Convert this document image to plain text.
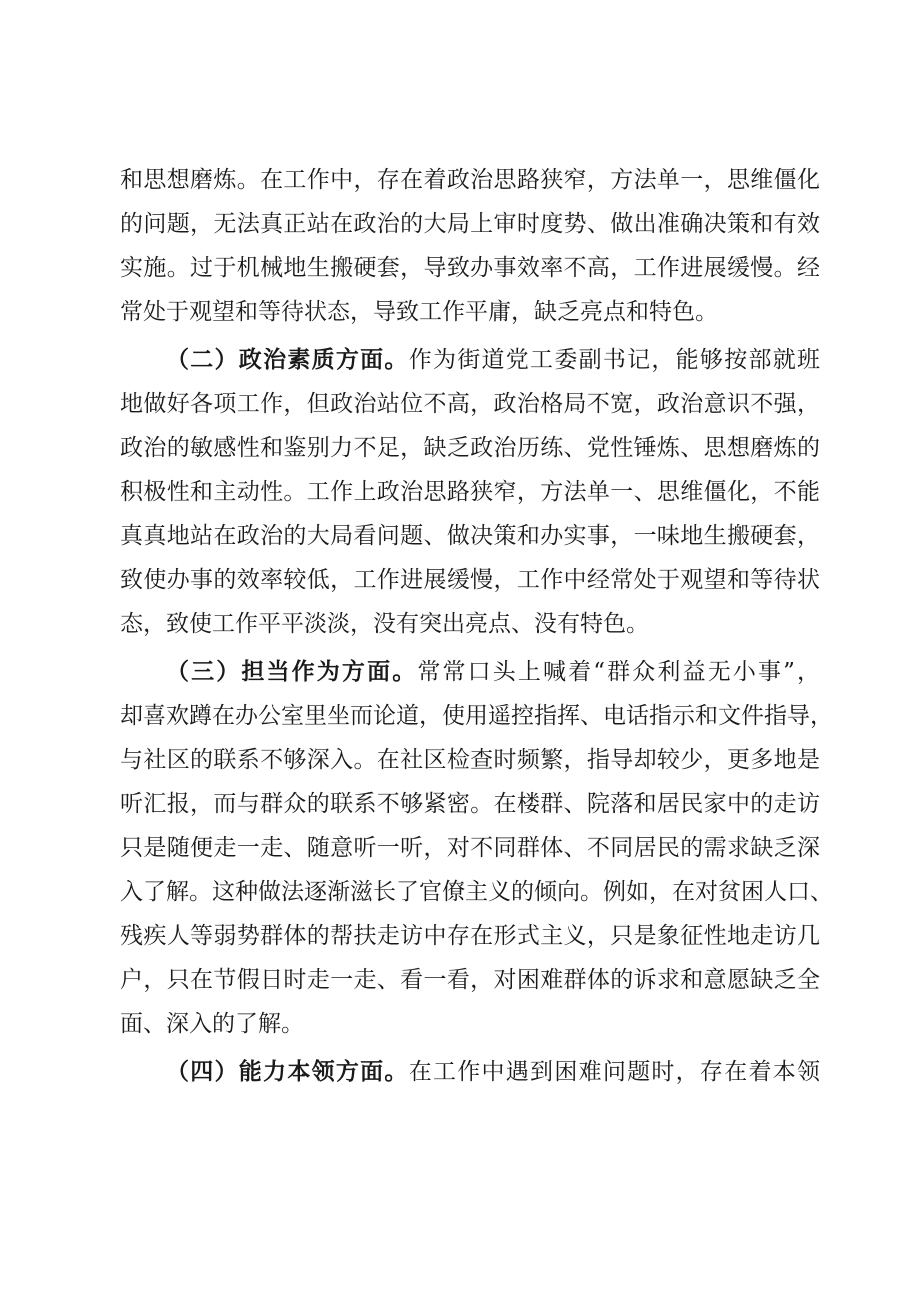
和思想磨炼。在工作中，存在着政治思路狭窄，方法单一，思维僵化
的问题，无法真正站在政治的大局上审时度势、做出准确决策和有效
实施。过于机械地生搬硬套，导致办事效率不高，工作进展缓慢。经
常处于观望和等待状态，导致工作平庸，缺乏亮点和特色。
（二）政治素质方面。作为街道党工委副书记，能够按部就班
地做好各项工作，但政治站位不高，政治格局不宽，政治意识不强，
政治的敏感性和鉴别力不足，缺乏政治历练、党性锤炼、思想磨炼的
积极性和主动性。工作上政治思路狭窄，方法单一、思维僵化，不能
真真地站在政治的大局看问题、做决策和办实事，一味地生搬硬套，
致使办事的效率较低，工作进展缓慢，工作中经常处于观望和等待状
态，致使工作平平淡淡，没有突出亮点、没有特色。
（三）担当作为方面。常常口头上喊着“群众利益无小事”，
却喜欢蹲在办公室里坐而论道，使用遥控指挥、电话指示和文件指导，
与社区的联系不够深入。在社区检查时频繁，指导却较少，更多地是
听汇报，而与群众的联系不够紧密。在楼群、院落和居民家中的走访
只是随便走一走、随意听一听，对不同群体、不同居民的需求缺乏深
入了解。这种做法逐渐滋长了官僚主义的倾向。例如，在对贫困人口、
残疾人等弱势群体的帮扶走访中存在形式主义，只是象征性地走访几
户，只在节假日时走一走、看一看，对困难群体的诉求和意愿缺乏全
面、深入的了解。
（四）能力本领方面。在工作中遇到困难问题时，存在着本领
